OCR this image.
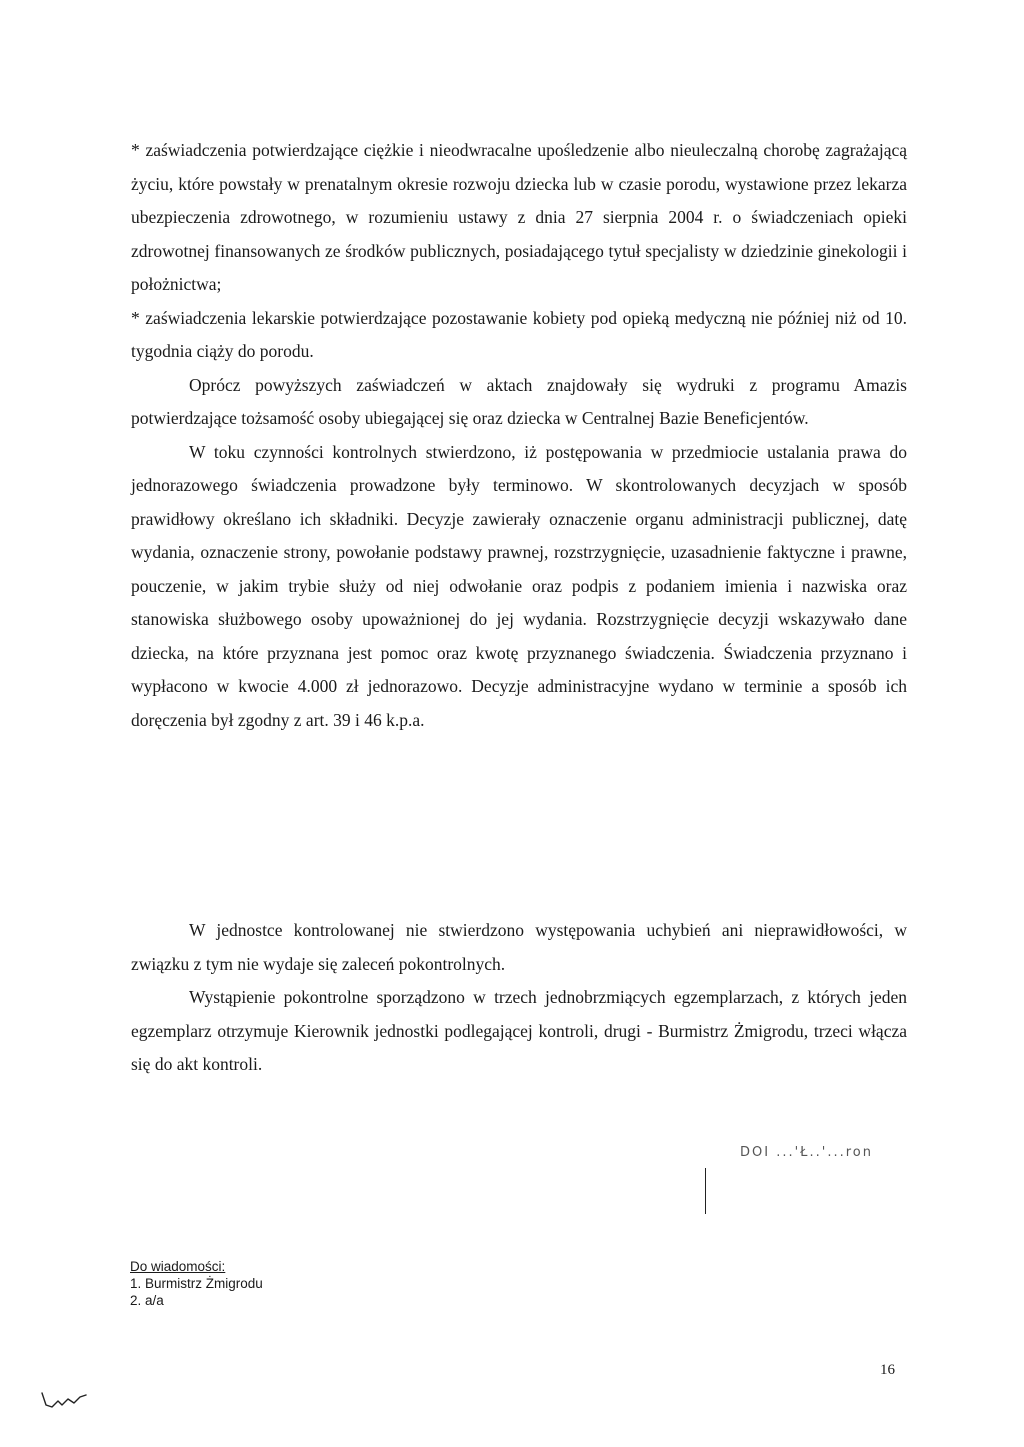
* zaświadczenia potwierdzające ciężkie i nieodwracalne upośledzenie albo nieuleczalną chorobę zagrażającą życiu, które powstały w prenatalnym okresie rozwoju dziecka lub w czasie porodu, wystawione przez lekarza ubezpieczenia zdrowotnego, w rozumieniu ustawy z dnia 27 sierpnia 2004 r. o świadczeniach opieki zdrowotnej finansowanych ze środków publicznych, posiadającego tytuł specjalisty w dziedzinie ginekologii i położnictwa;

* zaświadczenia lekarskie potwierdzające pozostawanie kobiety pod opieką medyczną nie później niż od 10. tygodnia ciąży do porodu.

Oprócz powyższych zaświadczeń w aktach znajdowały się wydruki z programu Amazis potwierdzające tożsamość osoby ubiegającej się oraz dziecka w Centralnej Bazie Beneficjentów.

W toku czynności kontrolnych stwierdzono, iż postępowania w przedmiocie ustalania prawa do jednorazowego świadczenia prowadzone były terminowo. W skontrolowanych decyzjach w sposób prawidłowy określano ich składniki. Decyzje zawierały oznaczenie organu administracji publicznej, datę wydania, oznaczenie strony, powołanie podstawy prawnej, rozstrzygnięcie, uzasadnienie faktyczne i prawne, pouczenie, w jakim trybie służy od niej odwołanie oraz podpis z podaniem imienia i nazwiska oraz stanowiska służbowego osoby upoważnionej do jej wydania. Rozstrzygnięcie decyzji wskazywało dane dziecka, na które przyznana jest pomoc oraz kwotę przyznanego świadczenia. Świadczenia przyznano i wypłacono w kwocie 4.000 zł jednorazowo. Decyzje administracyjne wydano w terminie a sposób ich doręczenia był zgodny z art. 39 i 46 k.p.a.

W jednostce kontrolowanej nie stwierdzono występowania uchybień ani nieprawidłowości, w związku z tym nie wydaje się zaleceń pokontrolnych.

Wystąpienie pokontrolne sporządzono w trzech jednobrzmiących egzemplarzach, z których jeden egzemplarz otrzymuje Kierownik jednostki podlegającej kontroli, drugi - Burmistrz Żmigrodu, trzeci włącza się do akt kontroli.

DOI ...'Ł..'...ron
Do wiadomości:
1. Burmistrz Żmigrodu
2. a/a
16
